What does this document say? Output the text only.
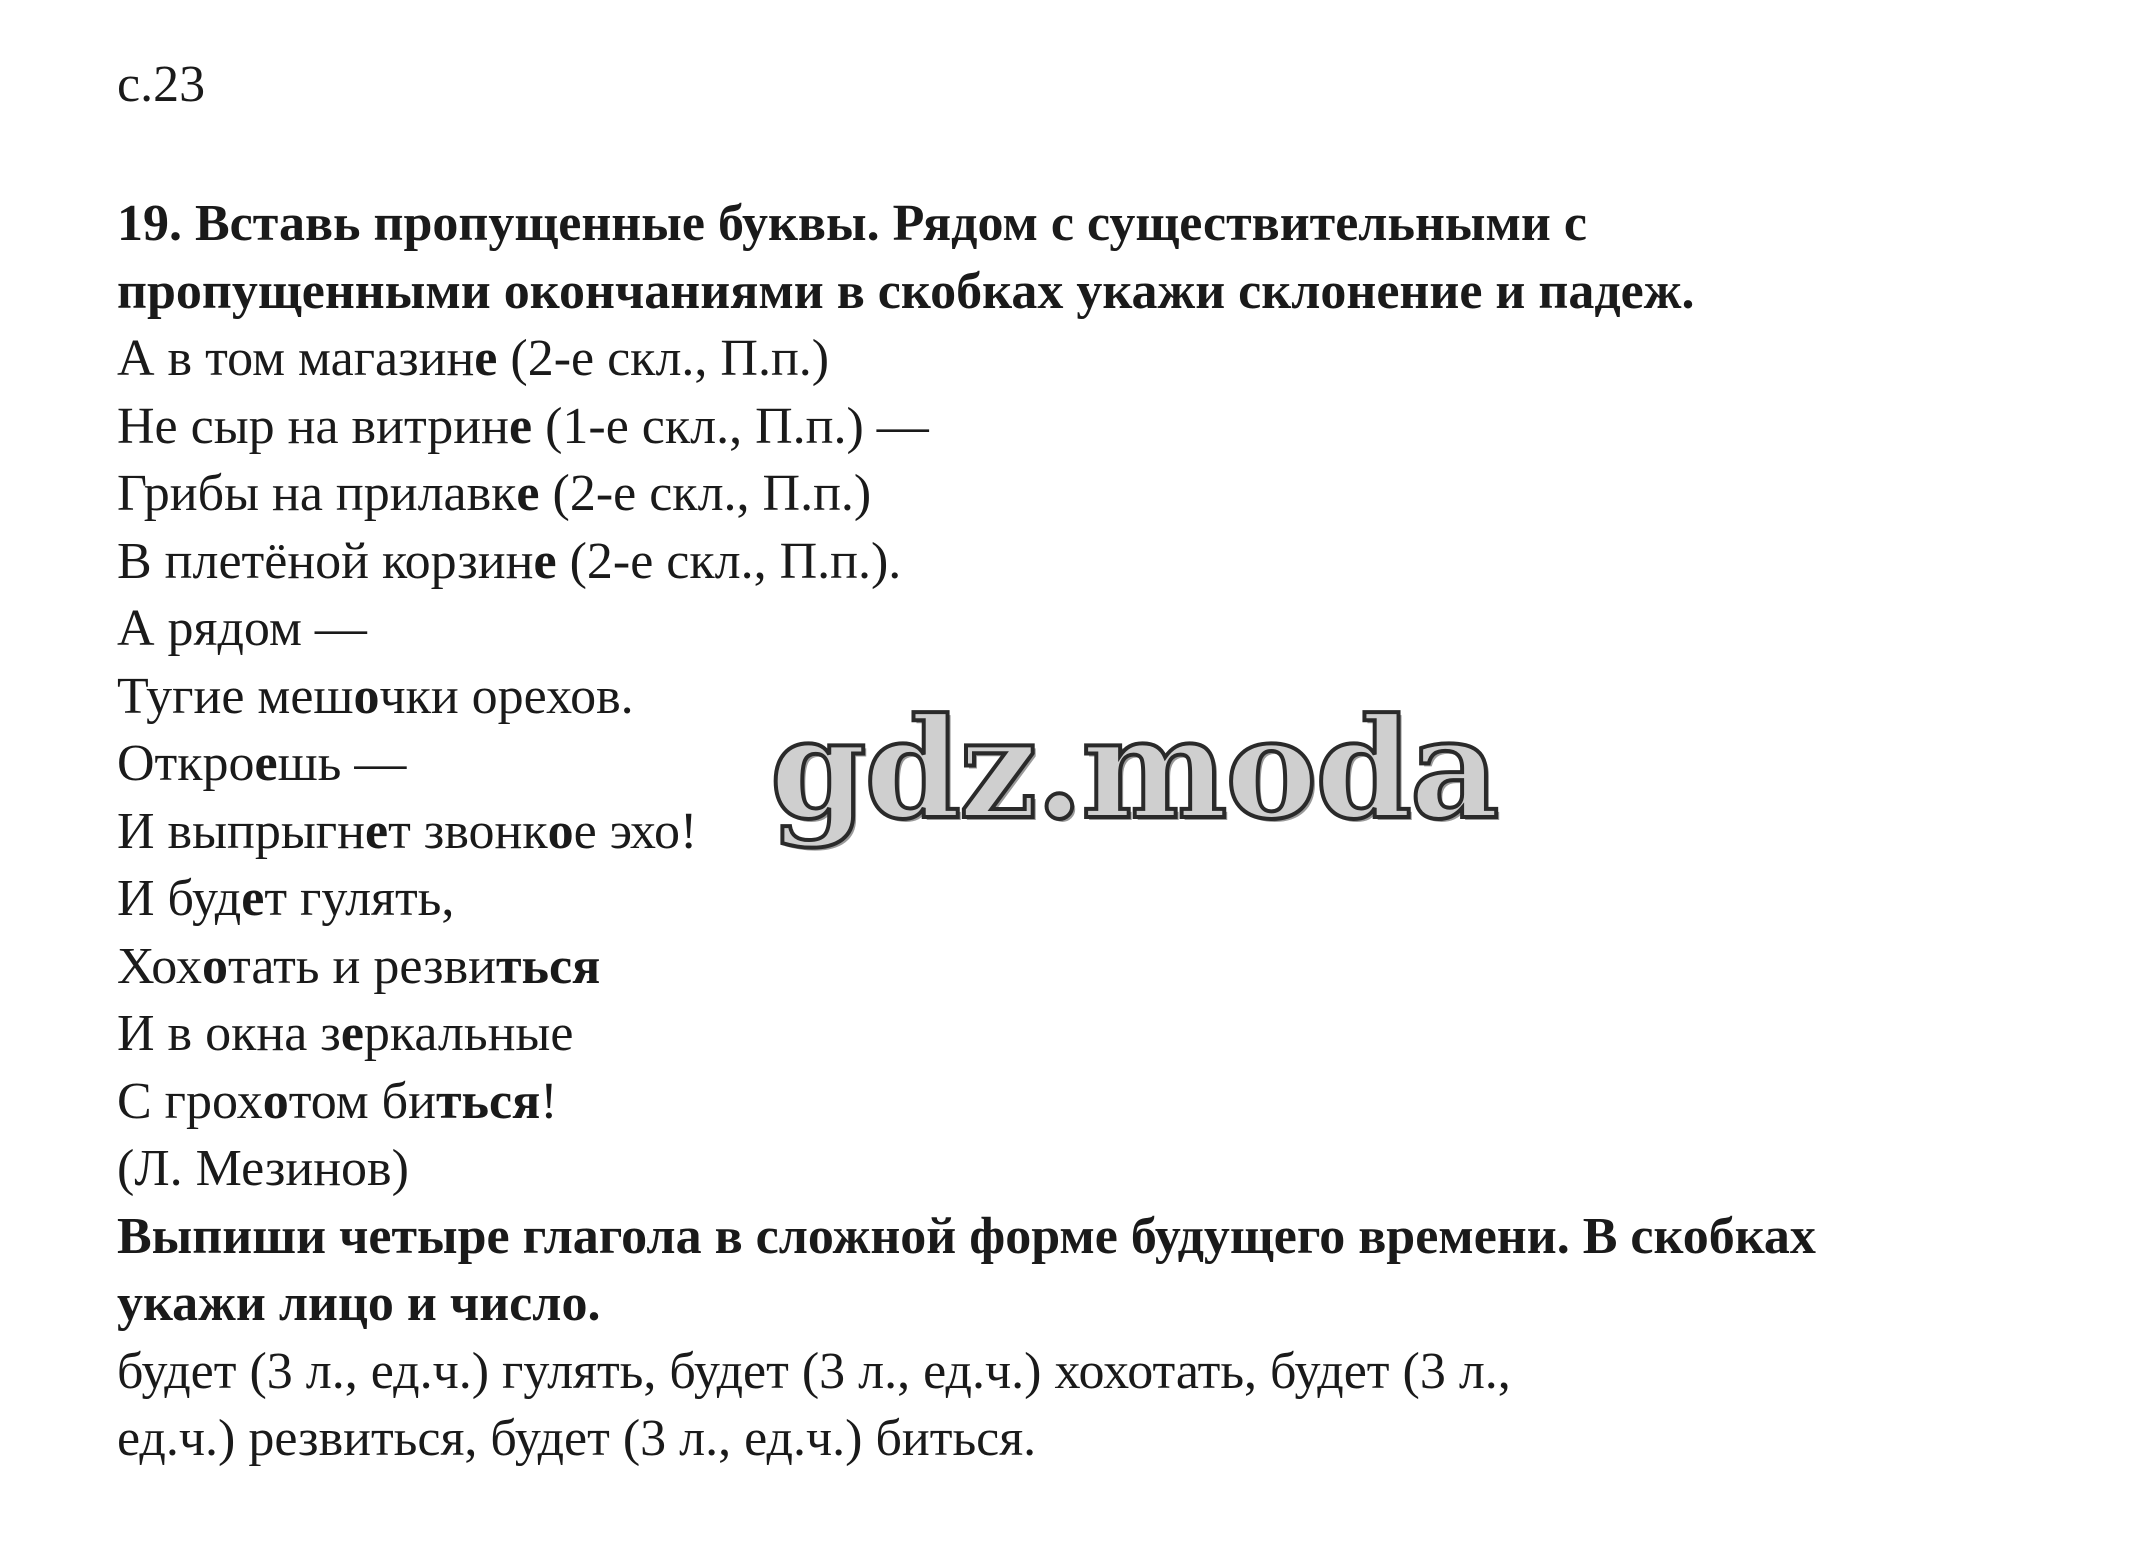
с.23
19. Вставь пропущенные буквы. Рядом с существительными с
пропущенными окончаниями в скобках укажи склонение и падеж.
А в том магазине (2-е скл., П.п.)
Не сыр на витрине (1-е скл., П.п.) —
Грибы на прилавке (2-е скл., П.п.)
В плетёной корзине (2-е скл., П.п.).
А рядом —
Тугие мешочки орехов.
Откроешь —
И выпрыгнет звонкое эхо!
И будет гулять,
Хохотать и резвиться
И в окна зеркальные
С грохотом биться!
(Л. Мезинов)
Выпиши четыре глагола в сложной форме будущего времени. В скобках
укажи лицо и число.
будет (3 л., ед.ч.) гулять, будет (3 л., ед.ч.) хохотать, будет (3 л.,
ед.ч.) резвиться, будет (3 л., ед.ч.) биться.
gdz.moda
